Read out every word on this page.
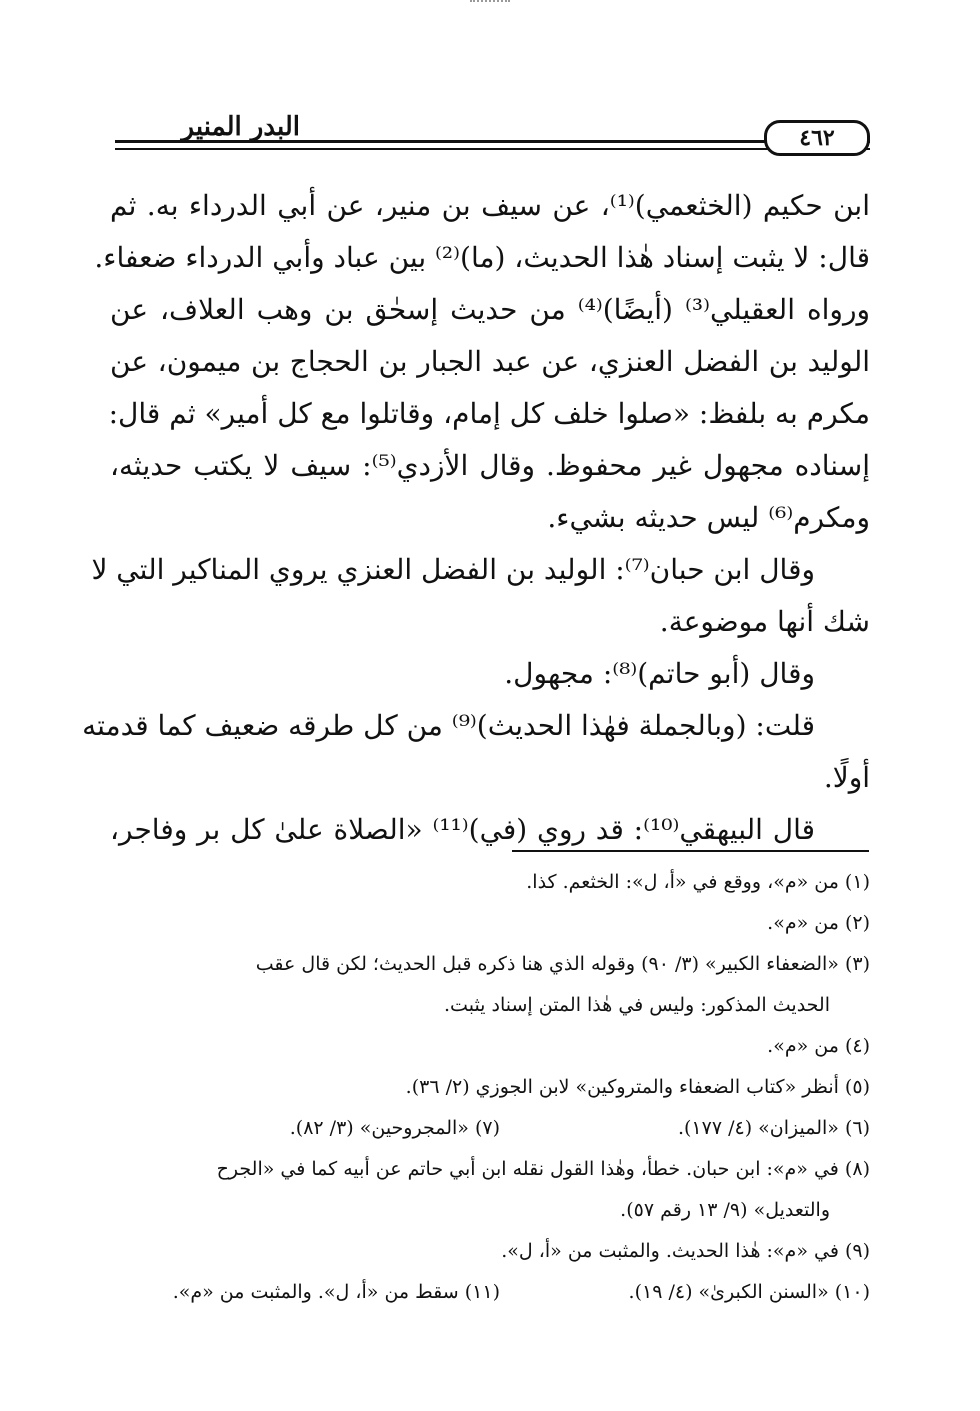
البدر المنير	٤٦٢
ابن حكيم (الخثعمي)⁽¹⁾، عن سيف بن منير، عن أبي الدرداء به. ثم
قال: لا يثبت إسناد هٰذا الحديث، (ما)⁽²⁾ بين عباد وأبي الدرداء ضعفاء.
ورواه العقيلي⁽³⁾ (أيضًا)⁽⁴⁾ من حديث إسحٰق بن وهب العلاف، عن
الوليد بن الفضل العنزي، عن عبد الجبار بن الحجاج بن ميمون، عن
مكرم به بلفظ: «صلوا خلف كل إمام، وقاتلوا مع كل أمير» ثم قال:
إسناده مجهول غير محفوظ. وقال الأزدي⁽⁵⁾: سيف لا يكتب حديثه،
ومكرم⁽⁶⁾ ليس حديثه بشيء.
وقال ابن حبان⁽⁷⁾: الوليد بن الفضل العنزي يروي المناكير التي لا
شك أنها موضوعة.
وقال (أبو حاتم)⁽⁸⁾: مجهول.
قلت: (وبالجملة فهٰذا الحديث)⁽⁹⁾ من كل طرقه ضعيف كما قدمته
أولًا.
قال البيهقي⁽¹⁰⁾: قد روي (في)⁽¹¹⁾ «الصلاة علىٰ كل بر وفاجر،
(١) من «م»، ووقع في «أ، ل»: الخثعم. كذا.
(٢) من «م».
(٣) «الضعفاء الكبير» (٣/ ٩٠) وقوله الذي هنا ذكره قبل الحديث؛ لكن قال عقب
الحديث المذكور: وليس في هٰذا المتن إسناد يثبت.
(٤) من «م».
(٥) أنظر «كتاب الضعفاء والمتروكين» لابن الجوزي (٢/ ٣٦).
(٦) «الميزان» (٤/ ١٧٧).
(٧) «المجروحين» (٣/ ٨٢).
(٨) في «م»: ابن حبان. خطأ، وهٰذا القول نقله ابن أبي حاتم عن أبيه كما في «الجرح
والتعديل» (٩/ ١٣ رقم ٥٧).
(٩) في «م»: هٰذا الحديث. والمثبت من «أ، ل».
(١٠) «السنن الكبرىٰ» (٤/ ١٩).
(١١) سقط من «أ، ل». والمثبت من «م».
